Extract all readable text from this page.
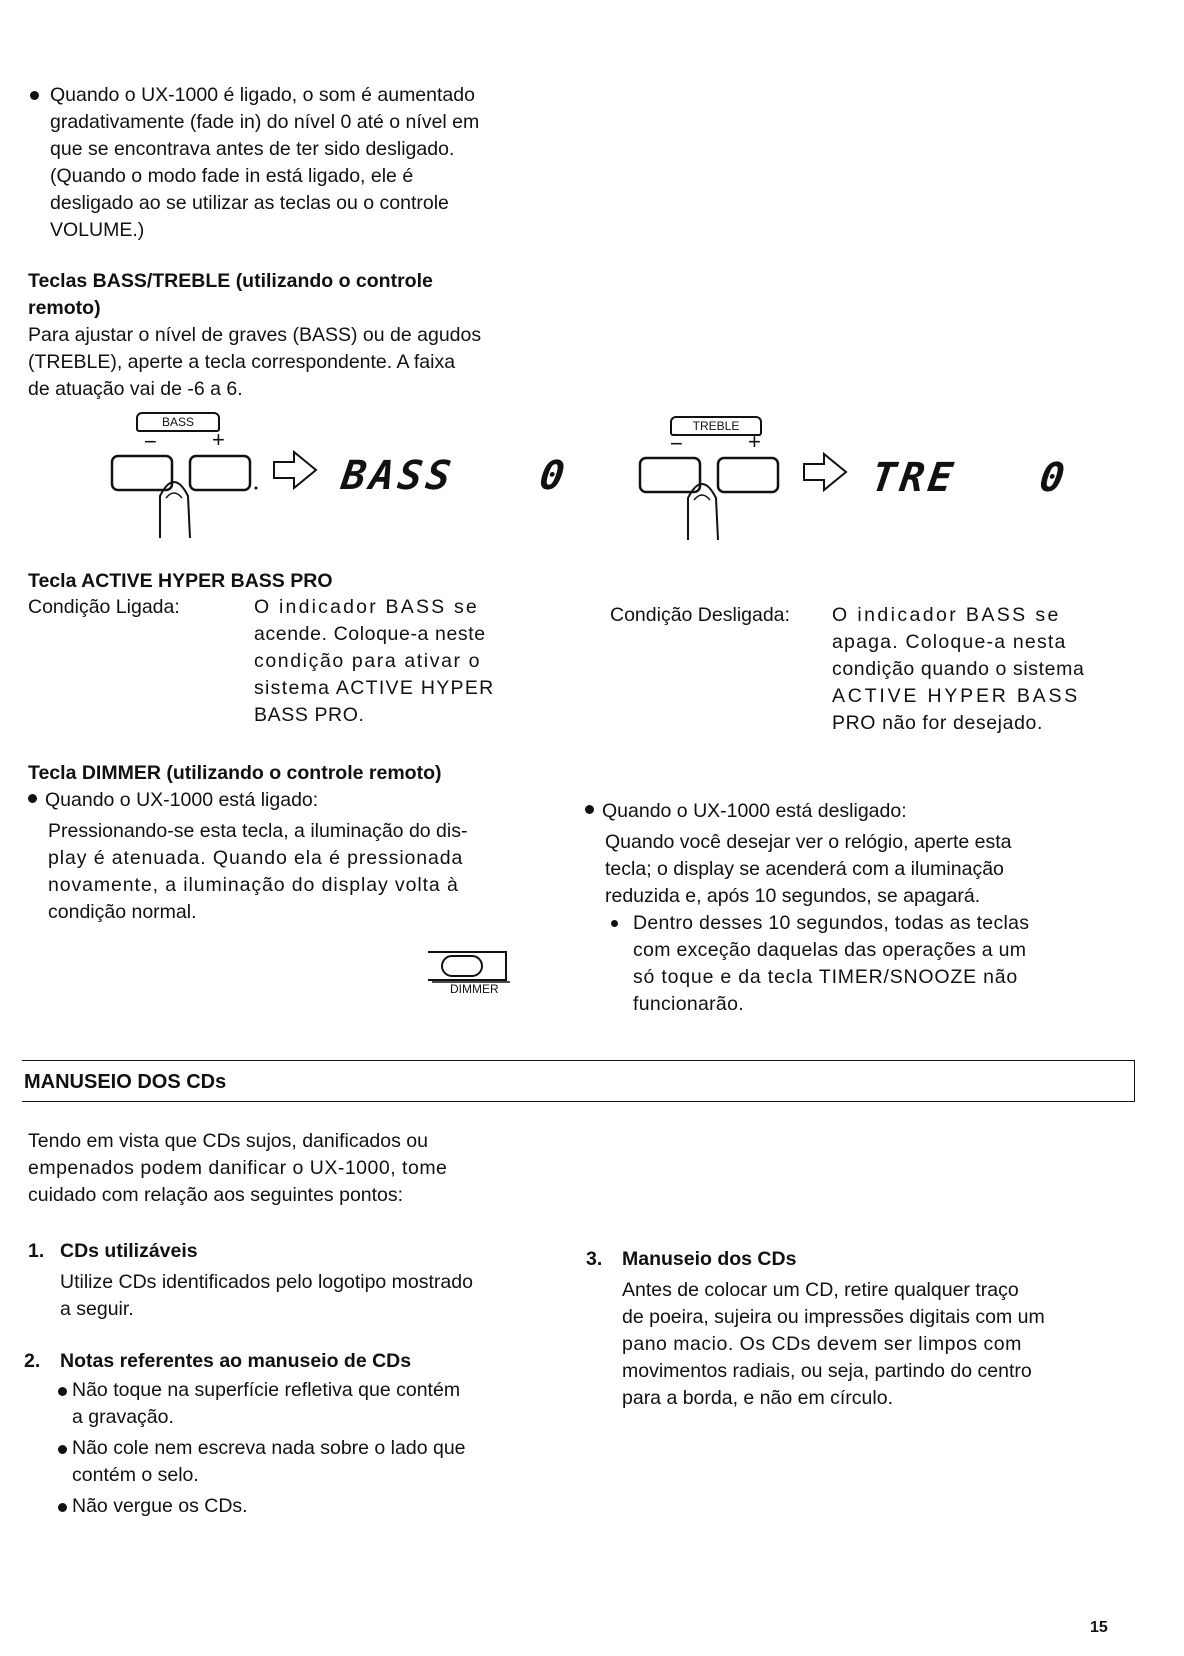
Quando o UX-1000 é ligado, o som é aumentado

gradativamente (fade in) do nível 0 até o nível em

que se encontrava antes de ter sido desligado.

(Quando o modo fade in está ligado, ele é

desligado ao se utilizar as teclas ou o controle

VOLUME.)

Teclas BASS/TREBLE (utilizando o controle

remoto)

Para ajustar o nível de graves (BASS) ou de agudos

(TREBLE), aperte a tecla correspondente. A faixa

de atuação vai de -6 a 6.

BASS
−	+
BASS 0
TREBLE
−	+
TRE 0

Tecla ACTIVE HYPER BASS PRO

Condição Ligada:	O indicador BASS se

acende. Coloque-a neste

condição para ativar o

sistema ACTIVE HYPER

BASS PRO.

Condição Desligada: O indicador BASS se

apaga. Coloque-a nesta

condição quando o sistema

ACTIVE HYPER BASS

PRO não for desejado.

Tecla DIMMER (utilizando o controle remoto)

Quando o UX-1000 está ligado:

Pressionando-se esta tecla, a iluminação do dis-

play é atenuada. Quando ela é pressionada

novamente, a iluminação do display volta à

condição normal.

DIMMER

Quando o UX-1000 está desligado:

Quando você desejar ver o relógio, aperte esta

tecla; o display se acenderá com a iluminação

reduzida e, após 10 segundos, se apagará.

Dentro desses 10 segundos, todas as teclas

com exceção daquelas das operações a um

só toque e da tecla TIMER/SNOOZE não

funcionarão.

MANUSEIO DOS CDs

Tendo em vista que CDs sujos, danificados ou

empenados podem danificar o UX-1000, tome

cuidado com relação aos seguintes pontos:

1. CDs utilizáveis

Utilize CDs identificados pelo logotipo mostrado

a seguir.

2. Notas referentes ao manuseio de CDs

Não toque na superfície refletiva que contém

a gravação.

Não cole nem escreva nada sobre o lado que

contém o selo.

Não vergue os CDs.

3. Manuseio dos CDs

Antes de colocar um CD, retire qualquer traço

de poeira, sujeira ou impressões digitais com um

pano macio. Os CDs devem ser limpos com

movimentos radiais, ou seja, partindo do centro

para a borda, e não em círculo.

15
